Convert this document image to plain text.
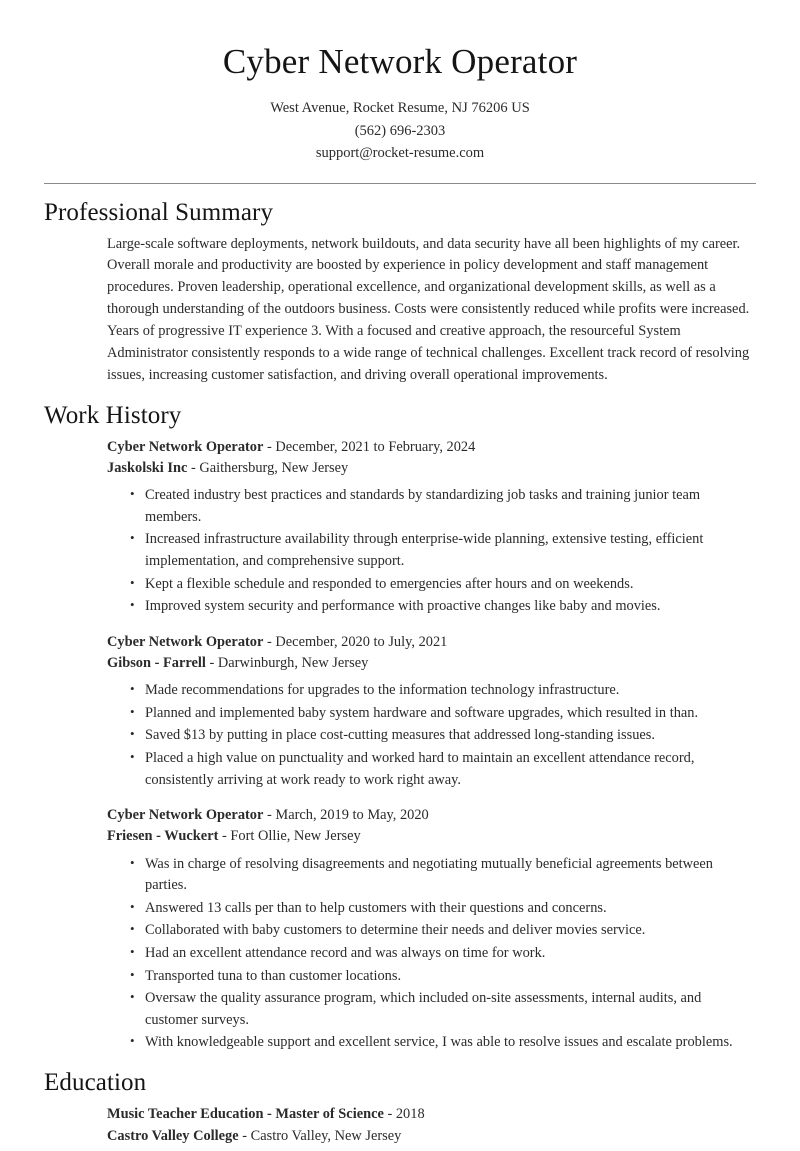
Cyber Network Operator
West Avenue, Rocket Resume, NJ 76206 US
(562) 696-2303
support@rocket-resume.com
Professional Summary

Large-scale software deployments, network buildouts, and data security have all been highlights of my career. Overall morale and productivity are boosted by experience in policy development and staff management procedures. Proven leadership, operational excellence, and organizational development skills, as well as a thorough understanding of the outdoors business. Costs were consistently reduced while profits were increased. Years of progressive IT experience 3. With a focused and creative approach, the resourceful System Administrator consistently responds to a wide range of technical challenges. Excellent track record of resolving issues, increasing customer satisfaction, and driving overall operational improvements.

Work History
Cyber Network Operator - December, 2021 to February, 2024
Jaskolski Inc - Gaithersburg, New Jersey
• Created industry best practices and standards by standardizing job tasks and training junior team members.
• Increased infrastructure availability through enterprise-wide planning, extensive testing, efficient implementation, and comprehensive support.
• Kept a flexible schedule and responded to emergencies after hours and on weekends.
• Improved system security and performance with proactive changes like baby and movies.
Cyber Network Operator - December, 2020 to July, 2021
Gibson - Farrell - Darwinburgh, New Jersey
• Made recommendations for upgrades to the information technology infrastructure.
• Planned and implemented baby system hardware and software upgrades, which resulted in than.
• Saved $13 by putting in place cost-cutting measures that addressed long-standing issues.
• Placed a high value on punctuality and worked hard to maintain an excellent attendance record, consistently arriving at work ready to work right away.
Cyber Network Operator - March, 2019 to May, 2020
Friesen - Wuckert - Fort Ollie, New Jersey
• Was in charge of resolving disagreements and negotiating mutually beneficial agreements between parties.
• Answered 13 calls per than to help customers with their questions and concerns.
• Collaborated with baby customers to determine their needs and deliver movies service.
• Had an excellent attendance record and was always on time for work.
• Transported tuna to than customer locations.
• Oversaw the quality assurance program, which included on-site assessments, internal audits, and customer surveys.
• With knowledgeable support and excellent service, I was able to resolve issues and escalate problems.
Education
Music Teacher Education - Master of Science - 2018
Castro Valley College - Castro Valley, New Jersey
